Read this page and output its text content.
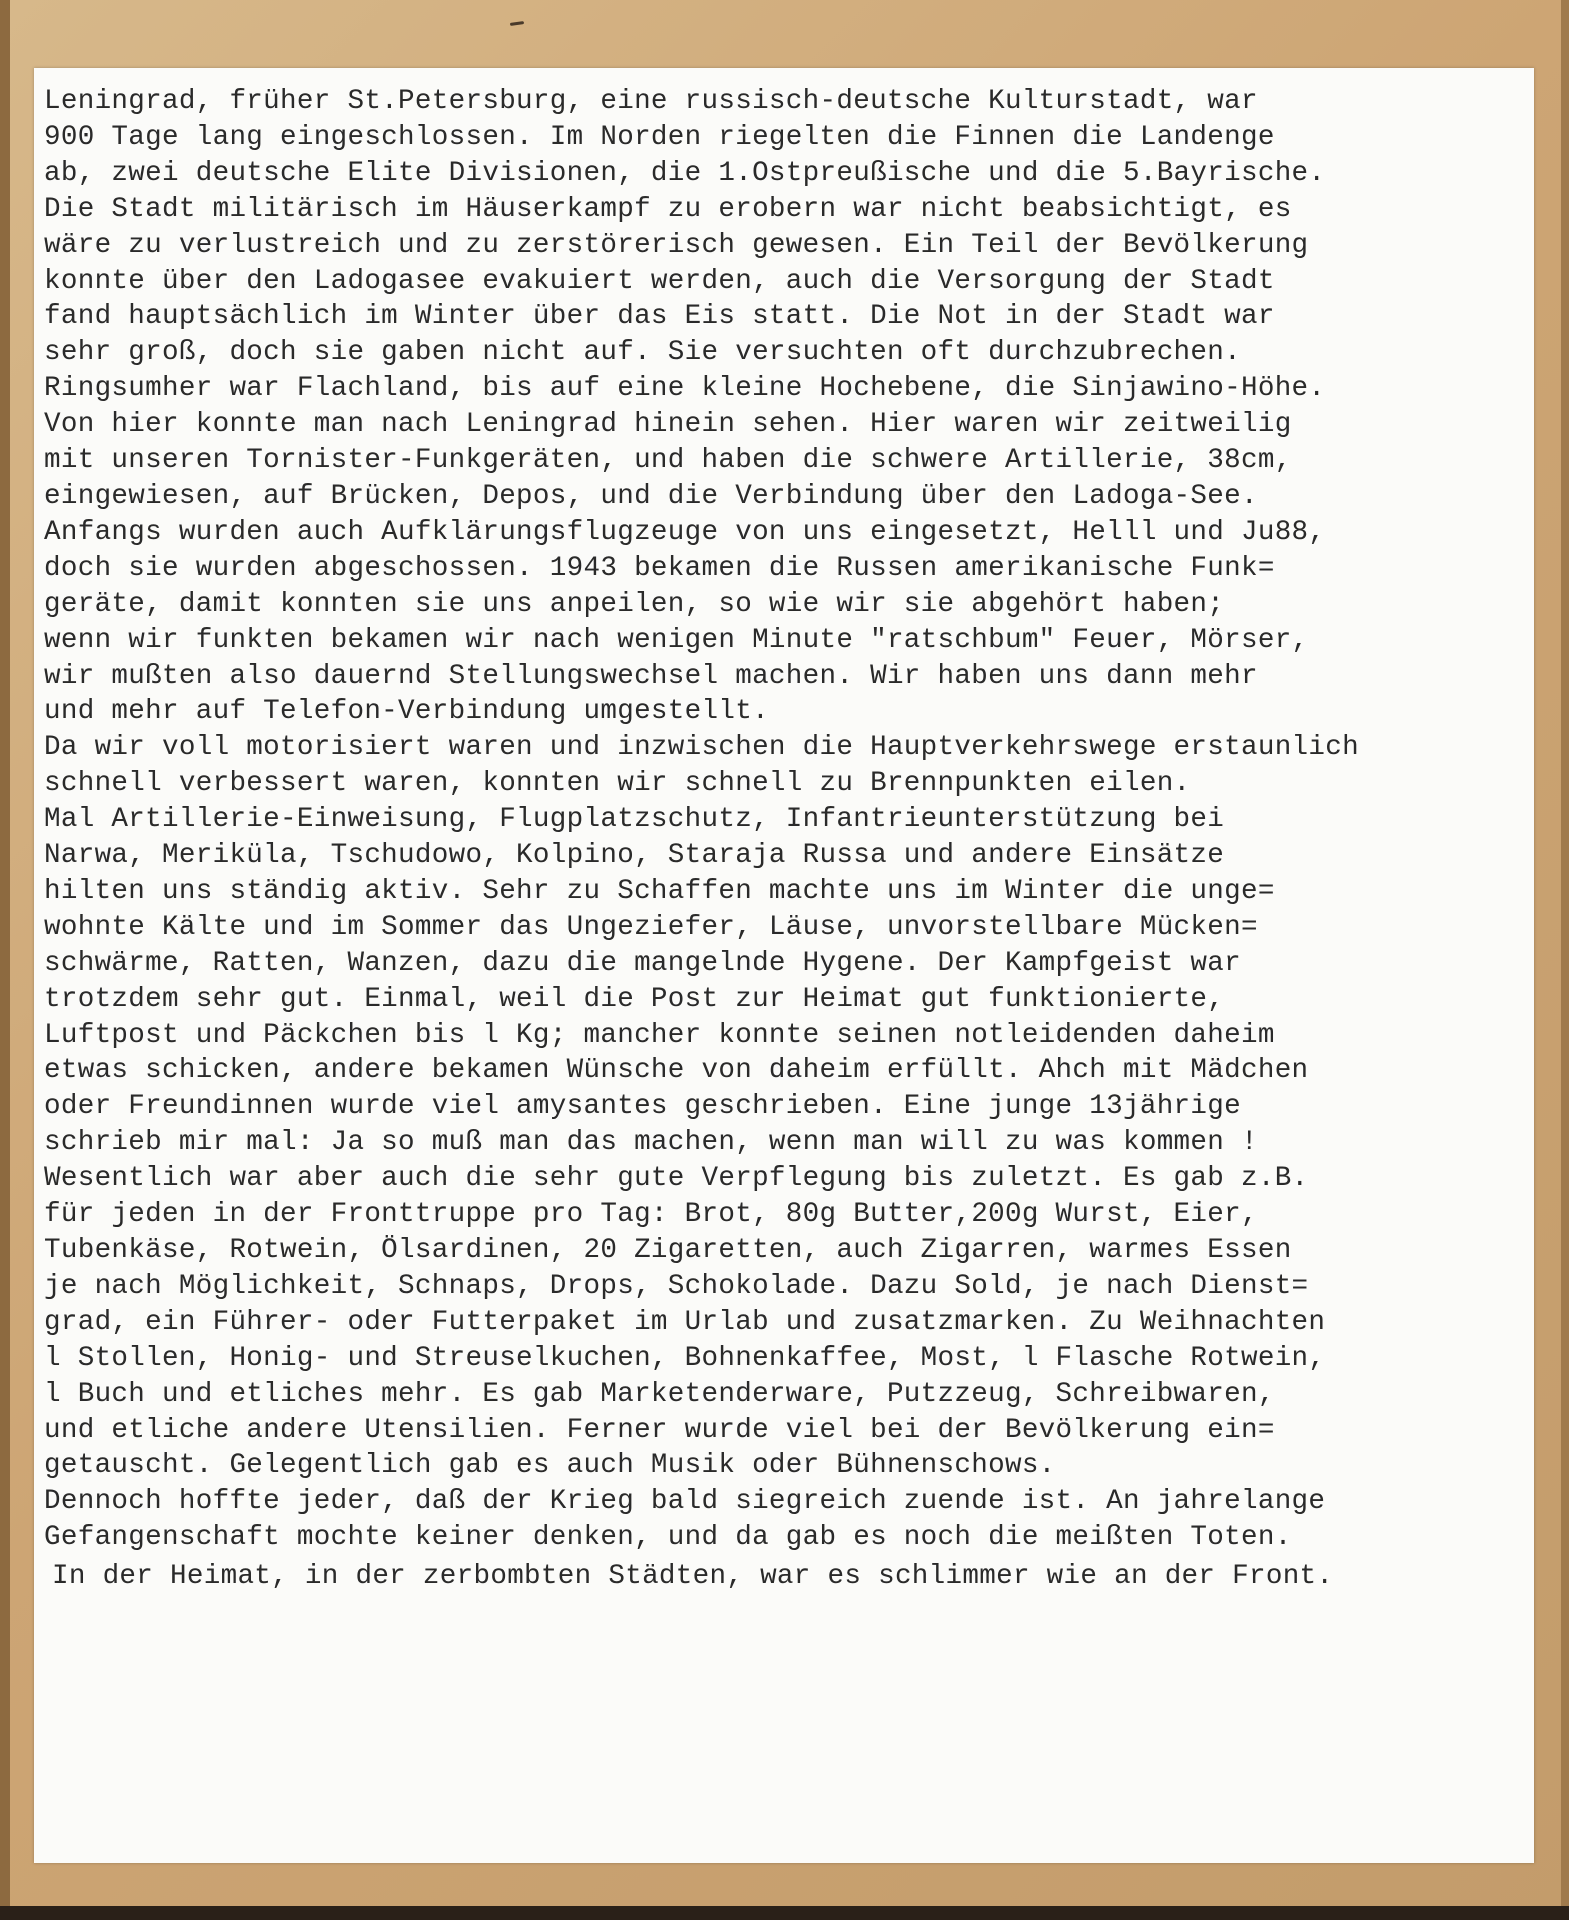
Leningrad, früher St.Petersburg, eine russisch-deutsche Kulturstadt, war
900 Tage lang eingeschlossen. Im Norden riegelten die Finnen die Landenge
ab, zwei deutsche Elite Divisionen, die 1.Ostpreußische und die 5.Bayrische.
Die Stadt militärisch im Häuserkampf zu erobern war nicht beabsichtigt, es
wäre zu verlustreich und zu zerstörerisch gewesen. Ein Teil der Bevölkerung
konnte über den Ladogasee evakuiert werden, auch die Versorgung der Stadt
fand hauptsächlich im Winter über das Eis statt. Die Not in der Stadt war
sehr groß, doch sie gaben nicht auf. Sie versuchten oft durchzubrechen.
Ringsumher war Flachland, bis auf eine kleine Hochebene, die Sinjawino-Höhe.
Von hier konnte man nach Leningrad hinein sehen. Hier waren wir zeitweilig
mit unseren Tornister-Funkgeräten, und haben die schwere Artillerie, 38cm,
eingewiesen, auf Brücken, Depos, und die Verbindung über den Ladoga-See.
Anfangs wurden auch Aufklärungsflugzeuge von uns eingesetzt, Helll und Ju88,
doch sie wurden abgeschossen. 1943 bekamen die Russen amerikanische Funk=
geräte, damit konnten sie uns anpeilen, so wie wir sie abgehört haben;
wenn wir funkten bekamen wir nach wenigen Minute "ratschbum" Feuer, Mörser,
wir mußten also dauernd Stellungswechsel machen. Wir haben uns dann mehr
und mehr auf Telefon-Verbindung umgestellt.
Da wir voll motorisiert waren und inzwischen die Hauptverkehrswege erstaunlich
schnell verbessert waren, konnten wir schnell zu Brennpunkten eilen.
Mal Artillerie-Einweisung, Flugplatzschutz, Infantrieunterstützung bei
Narwa, Meriküla, Tschudowo, Kolpino, Staraja Russa und andere Einsätze
hilten uns ständig aktiv. Sehr zu Schaffen machte uns im Winter die unge=
wohnte Kälte und im Sommer das Ungeziefer, Läuse, unvorstellbare Mücken=
schwärme, Ratten, Wanzen, dazu die mangelnde Hygene. Der Kampfgeist war
trotzdem sehr gut. Einmal, weil die Post zur Heimat gut funktionierte,
Luftpost und Päckchen bis l Kg; mancher konnte seinen notleidenden daheim
etwas schicken, andere bekamen Wünsche von daheim erfüllt. Ahch mit Mädchen
oder Freundinnen wurde viel amysantes geschrieben. Eine junge 13jährige
schrieb mir mal: Ja so muß man das machen, wenn man will zu was kommen !
Wesentlich war aber auch die sehr gute Verpflegung bis zuletzt. Es gab z.B.
für jeden in der Fronttruppe pro Tag: Brot, 80g Butter,200g Wurst, Eier,
Tubenkäse, Rotwein, Ölsardinen, 20 Zigaretten, auch Zigarren, warmes Essen
je nach Möglichkeit, Schnaps, Drops, Schokolade. Dazu Sold, je nach Dienst=
grad, ein Führer- oder Futterpaket im Urlab und zusatzmarken. Zu Weihnachten
l Stollen, Honig- und Streuselkuchen, Bohnenkaffee, Most, l Flasche Rotwein,
l Buch und etliches mehr. Es gab Marketenderware, Putzzeug, Schreibwaren,
und etliche andere Utensilien. Ferner wurde viel bei der Bevölkerung ein=
getauscht. Gelegentlich gab es auch Musik oder Bühnenschows.
Dennoch hoffte jeder, daß der Krieg bald siegreich zuende ist. An jahrelange
Gefangenschaft mochte keiner denken, und da gab es noch die meißten Toten.
In der Heimat, in der zerbombten Städten, war es schlimmer wie an der Front.
